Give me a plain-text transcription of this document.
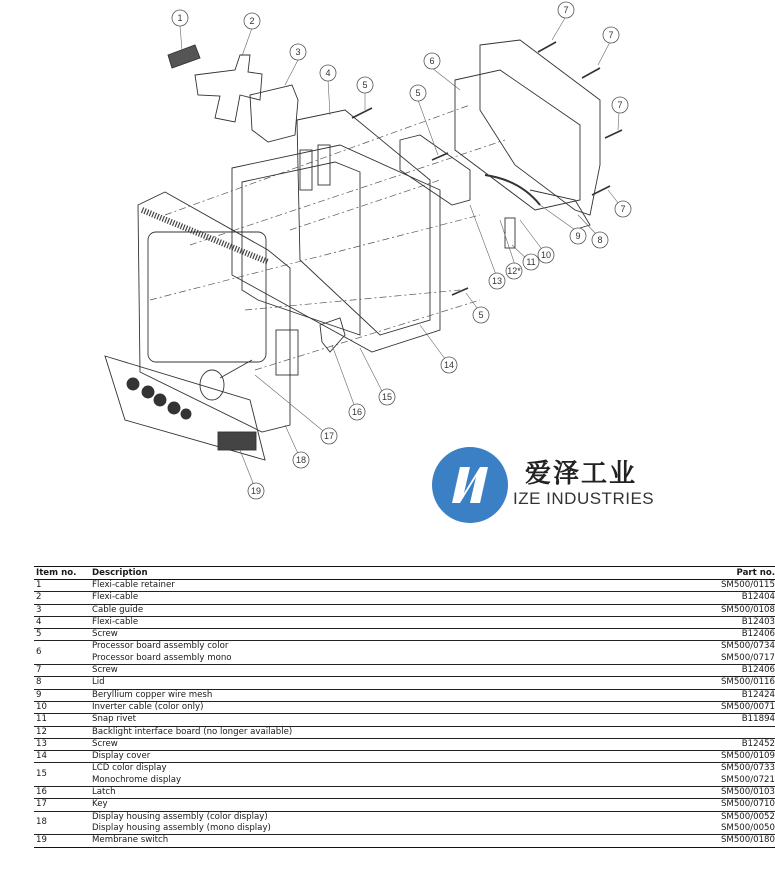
1	2
3
4
5
5
5
6
7
7
7
7
8
9
10
11
12*
13
14
15
16
17
18
19
爱泽工业
IZE INDUSTRIES
Item no.	Description	Part no.
1	Flexi-cable retainer	SM500/0115
2	Flexi-cable	B12404
3	Cable guide	SM500/0108
4	Flexi-cable	B12403
5	Screw	B12406
6	Processor board assembly color	SM500/0734
	Processor board assembly mono	SM500/0717
7	Screw	B12406
8	Lid	SM500/0116
9	Beryllium copper wire mesh	B12424
10	Inverter cable (color only)	SM500/0071
11	Snap rivet	B11894
12	Backlight interface board (no longer available)	
13	Screw	B12452
14	Display cover	SM500/0109
15	LCD color display	SM500/0733
	Monochrome display	SM500/0721
16	Latch	SM500/0103
17	Key	SM500/0710
18	Display housing assembly (color display)	SM500/0052
	Display housing assembly (mono display)	SM500/0050
19	Membrane switch	SM500/0180
